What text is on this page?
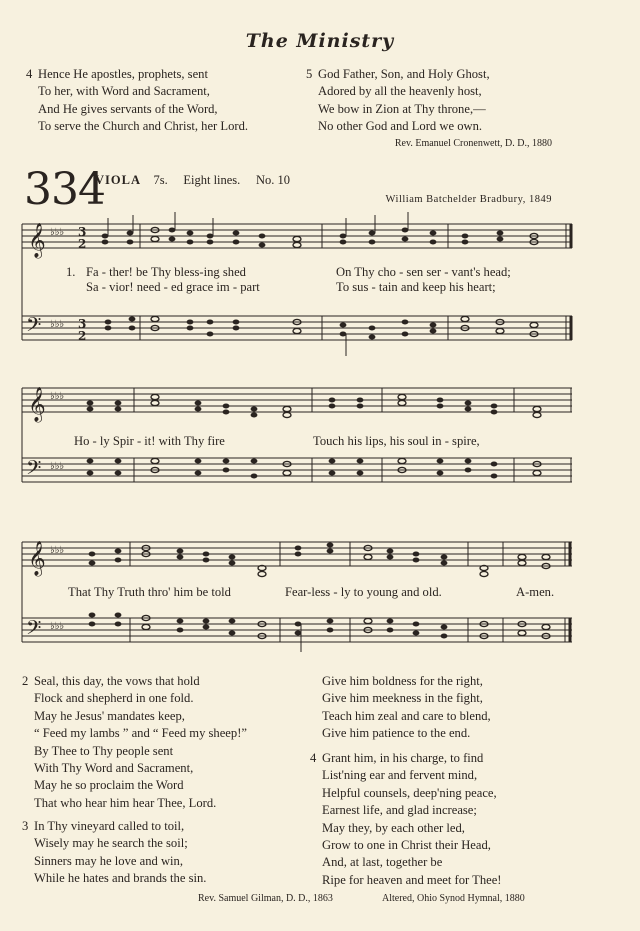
The Ministry
4 Hence He apostles, prophets, sent
To her, with Word and Sacrament,
And He gives servants of the Word,
To serve the Church and Christ, her Lord.
5 God Father, Son, and Holy Ghost,
Adored by all the heavenly host,
We bow in Zion at Thy throne,—
No other God and Lord we own.
Rev. Emanuel Cronenwett, D. D., 1880
334
VIOLA 7s. Eight lines. No. 10
William Batchelder Bradbury, 1849
𝄞
𝄢
♭♭♭
♭♭♭
3
2
3
2
1. Fa - ther! be Thy bless-ing shed
Sa - vior! need - ed grace im - part
On Thy cho - sen ser - vant's head;
To sus - tain and keep his heart;
𝄞
𝄢
♭♭♭
♭♭♭
Ho - ly Spir - it! with Thy fire	Touch his lips, his soul in - spire,
𝄞
𝄢
♭♭♭
♭♭♭
That Thy Truth thro' him be told	Fear-less - ly to young and old.	A-men.
2 Seal, this day, the vows that hold
Flock and shepherd in one fold.
May he Jesus' mandates keep,
“ Feed my lambs ” and “ Feed my sheep!”
By Thee to Thy people sent
With Thy Word and Sacrament,
May he so proclaim the Word
That who hear him hear Thee, Lord.
3 In Thy vineyard called to toil,
Wisely may he search the soil;
Sinners may he love and win,
While he hates and brands the sin.
Give him boldness for the right,
Give him meekness in the fight,
Teach him zeal and care to blend,
Give him patience to the end.
4 Grant him, in his charge, to find
List'ning ear and fervent mind,
Helpful counsels, deep'ning peace,
Earnest life, and glad increase;
May they, by each other led,
Grow to one in Christ their Head,
And, at last, together be
Ripe for heaven and meet for Thee!
Rev. Samuel Gilman, D. D., 1863	Altered, Ohio Synod Hymnal, 1880
